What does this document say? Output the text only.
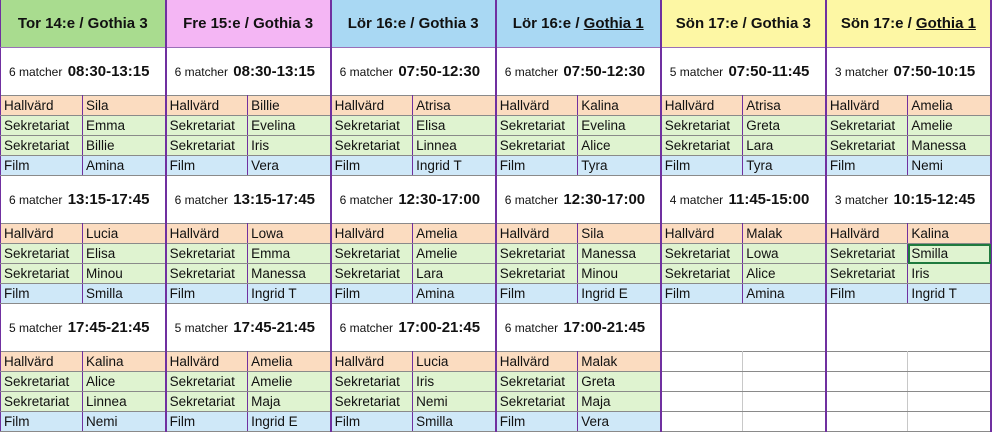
Tor 14:e / Gothia 3		Fre 15:e / Gothia 3		Lör 16:e / Gothia 3		Lör 16:e / Gothia 1		Sön 17:e / Gothia 3		Sön 17:e / Gothia 1	
6 matcher 08:30-13:15		6 matcher 08:30-13:15		6 matcher 07:50-12:30		6 matcher 07:50-12:30		5 matcher 07:50-11:45		3 matcher 07:50-10:15	
Hallvärd	Sila	Hallvärd	Billie	Hallvärd	Atrisa	Hallvärd	Kalina	Hallvärd	Atrisa	Hallvärd	Amelia
Sekretariat	Emma	Sekretariat	Evelina	Sekretariat	Elisa	Sekretariat	Evelina	Sekretariat	Greta	Sekretariat	Amelie
Sekretariat	Billie	Sekretariat	Iris	Sekretariat	Linnea	Sekretariat	Alice	Sekretariat	Lara	Sekretariat	Manessa
Film	Amina	Film	Vera	Film	Ingrid T	Film	Tyra	Film	Tyra	Film	Nemi
6 matcher 13:15-17:45		6 matcher 13:15-17:45		6 matcher 12:30-17:00		6 matcher 12:30-17:00		4 matcher 11:45-15:00		3 matcher 10:15-12:45	
Hallvärd	Lucia	Hallvärd	Lowa	Hallvärd	Amelia	Hallvärd	Sila	Hallvärd	Malak	Hallvärd	Kalina
Sekretariat	Elisa	Sekretariat	Emma	Sekretariat	Amelie	Sekretariat	Manessa	Sekretariat	Lowa	Sekretariat	Smilla
Sekretariat	Minou	Sekretariat	Manessa	Sekretariat	Lara	Sekretariat	Minou	Sekretariat	Alice	Sekretariat	Iris
Film	Smilla	Film	Ingrid T	Film	Amina	Film	Ingrid E	Film	Amina	Film	Ingrid T
5 matcher 17:45-21:45		5 matcher 17:45-21:45		6 matcher 17:00-21:45		6 matcher 17:00-21:45					
Hallvärd	Kalina	Hallvärd	Amelia	Hallvärd	Lucia	Hallvärd	Malak				
Sekretariat	Alice	Sekretariat	Amelie	Sekretariat	Iris	Sekretariat	Greta				
Sekretariat	Linnea	Sekretariat	Maja	Sekretariat	Nemi	Sekretariat	Maja				
Film	Nemi	Film	Ingrid E	Film	Smilla	Film	Vera				
